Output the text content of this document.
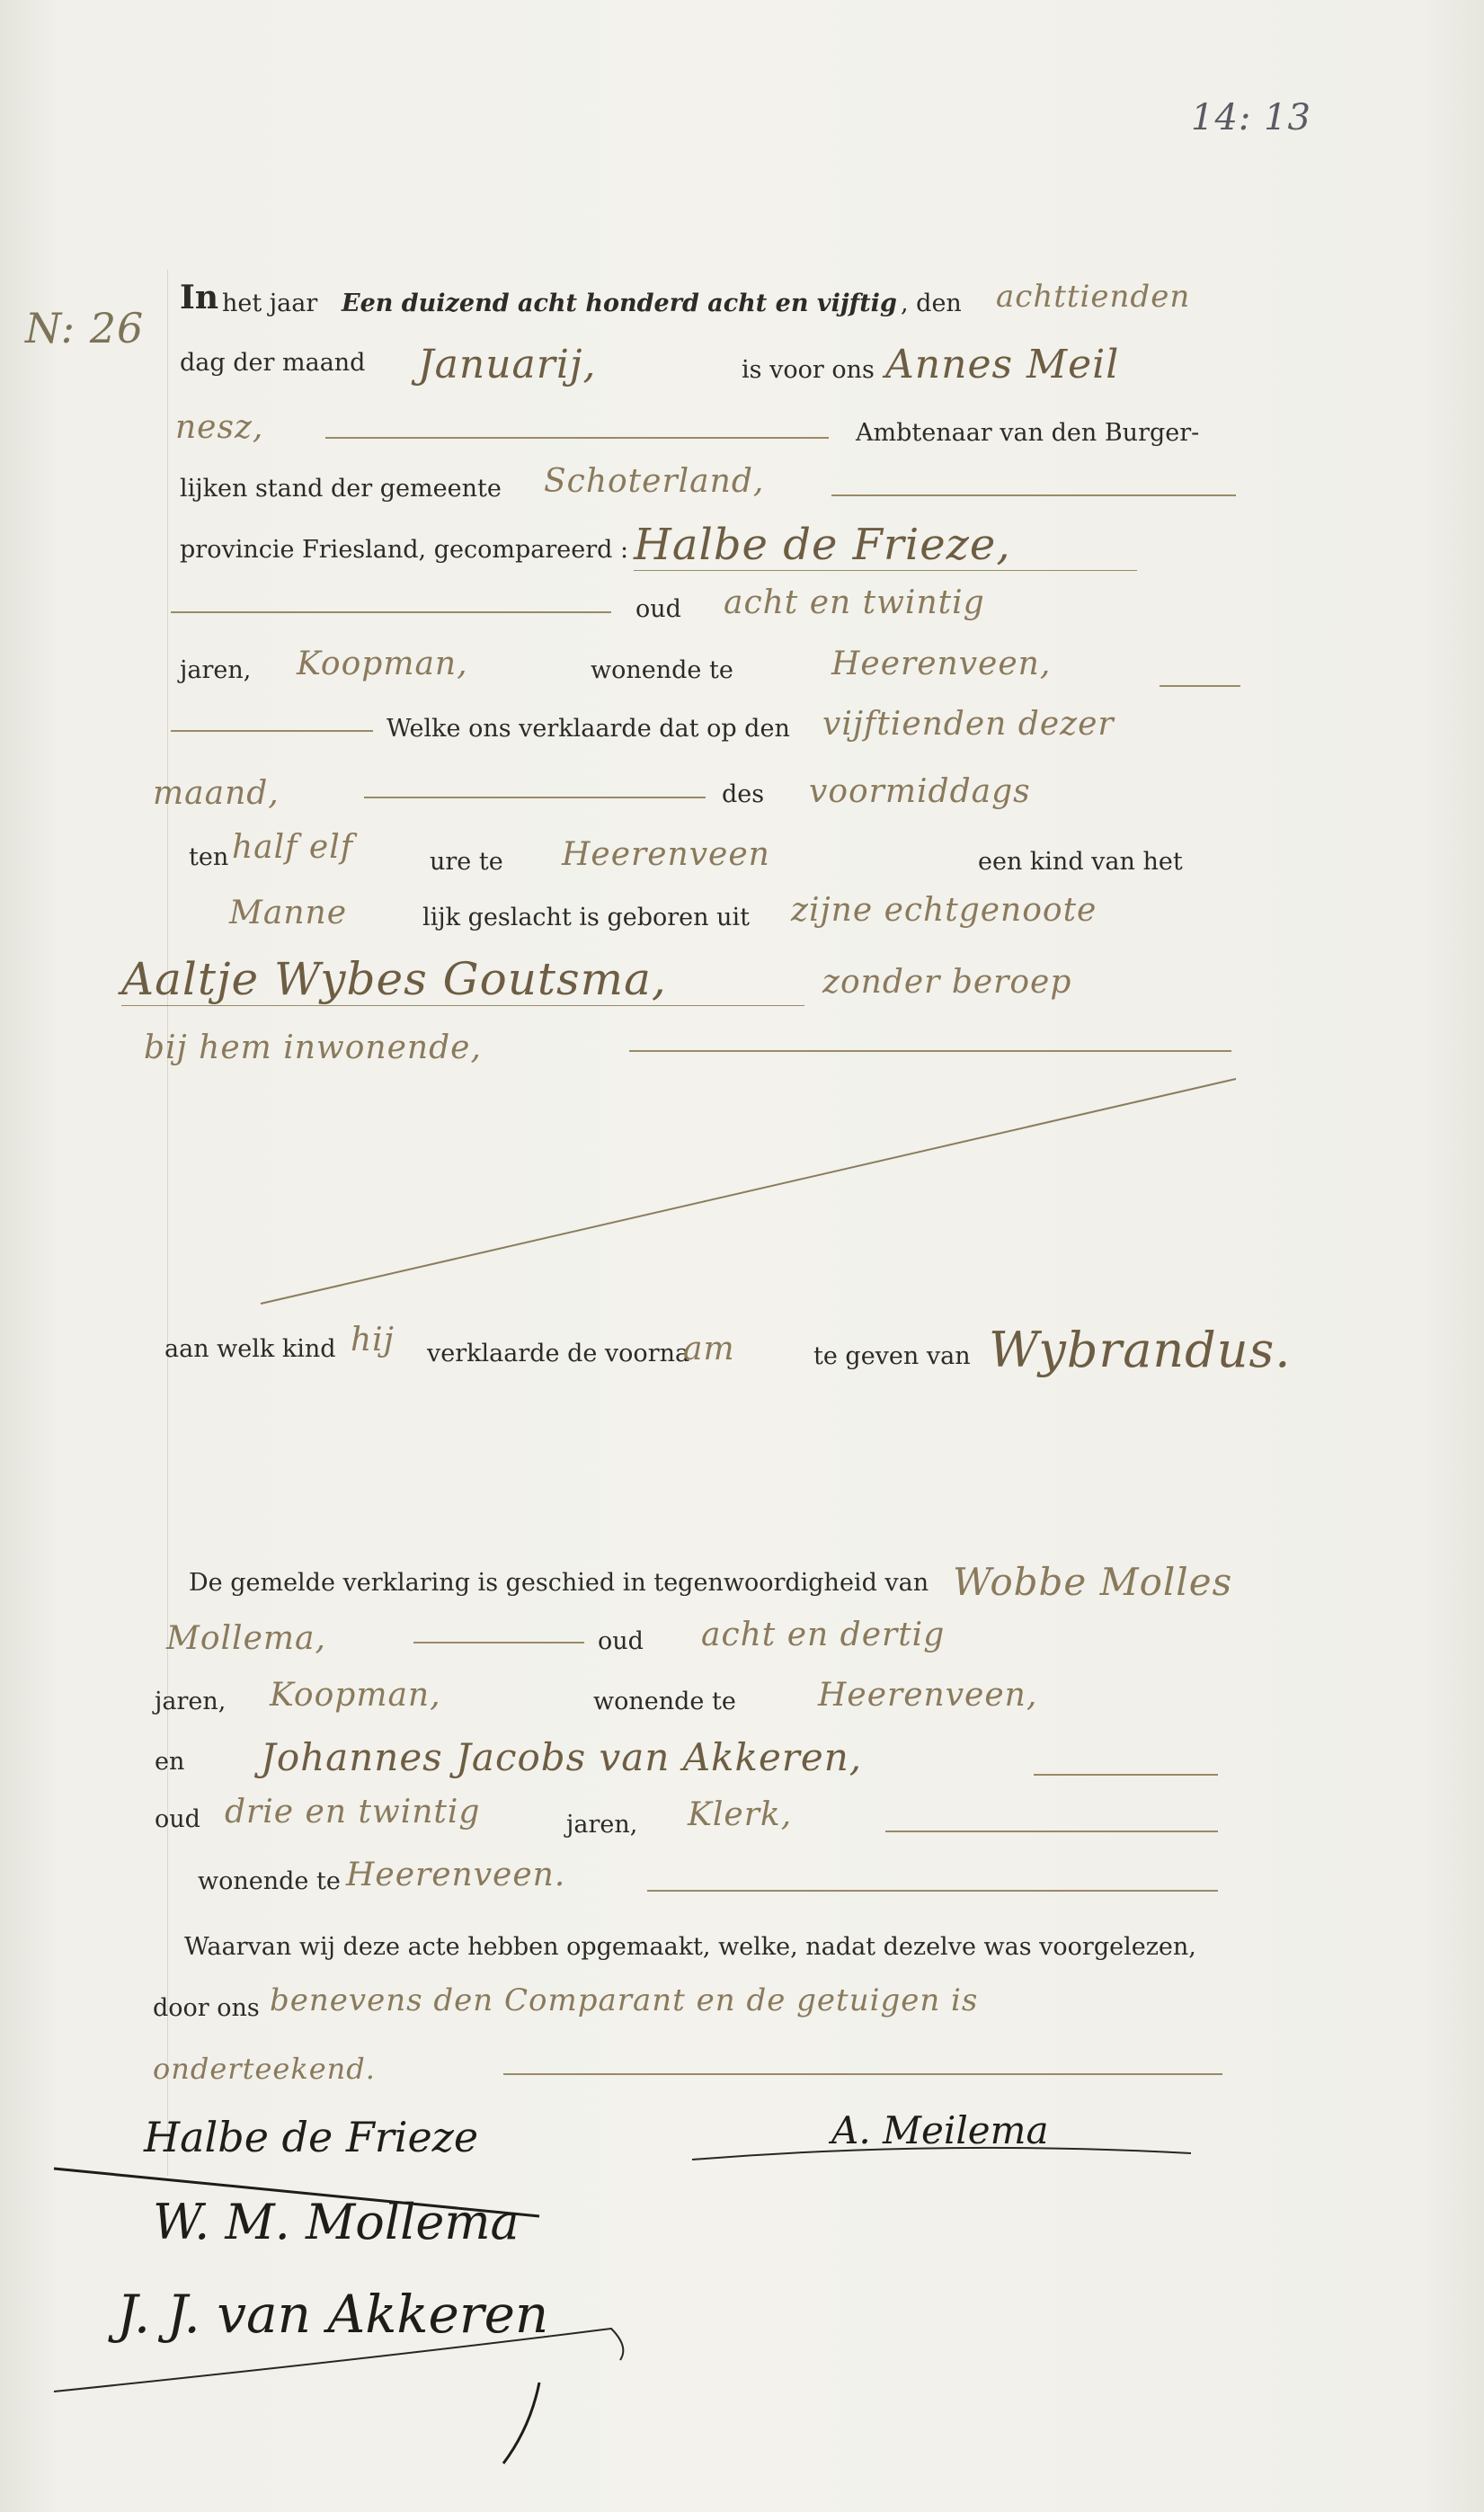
14: 13
N: 26
In het jaar Een duizend acht honderd acht en vijftig , den achttienden
dag der maand Januarij,	is voor ons Annes Meil
nesz,	Ambtenaar van den Burger-
lijken stand der gemeente Schoterland,
provincie Friesland, gecompareerd : Halbe de Frieze,
oud acht en twintig
jaren, Koopman,	wonende te	Heerenveen,
Welke ons verklaarde dat op den vijftienden dezer
maand,	des voormiddags
ten half elf	ure te Heerenveen	een kind van het
Manne	lijk geslacht is geboren uit zijne echtgenoote
Aaltje Wybes Goutsma,	zonder beroep
bij hem inwonende,
aan welk kind hij verklaarde de voorna
am	te geven van Wybrandus.
De gemelde verklaring is geschied in tegenwoordigheid van Wobbe Molles
Mollema,	oud acht en dertig
jaren, Koopman,	wonende te	Heerenveen,
en Johannes Jacobs van Akkeren,
oud drie en twintig	jaren, Klerk,
wonende te Heerenveen.
Waarvan wij deze acte hebben opgemaakt, welke, nadat dezelve was voorgelezen,
door ons benevens den Comparant en de getuigen is
onderteekend.
Halbe de Frieze	A. Meilema
W. M. Mollema
J. J. van Akkeren
